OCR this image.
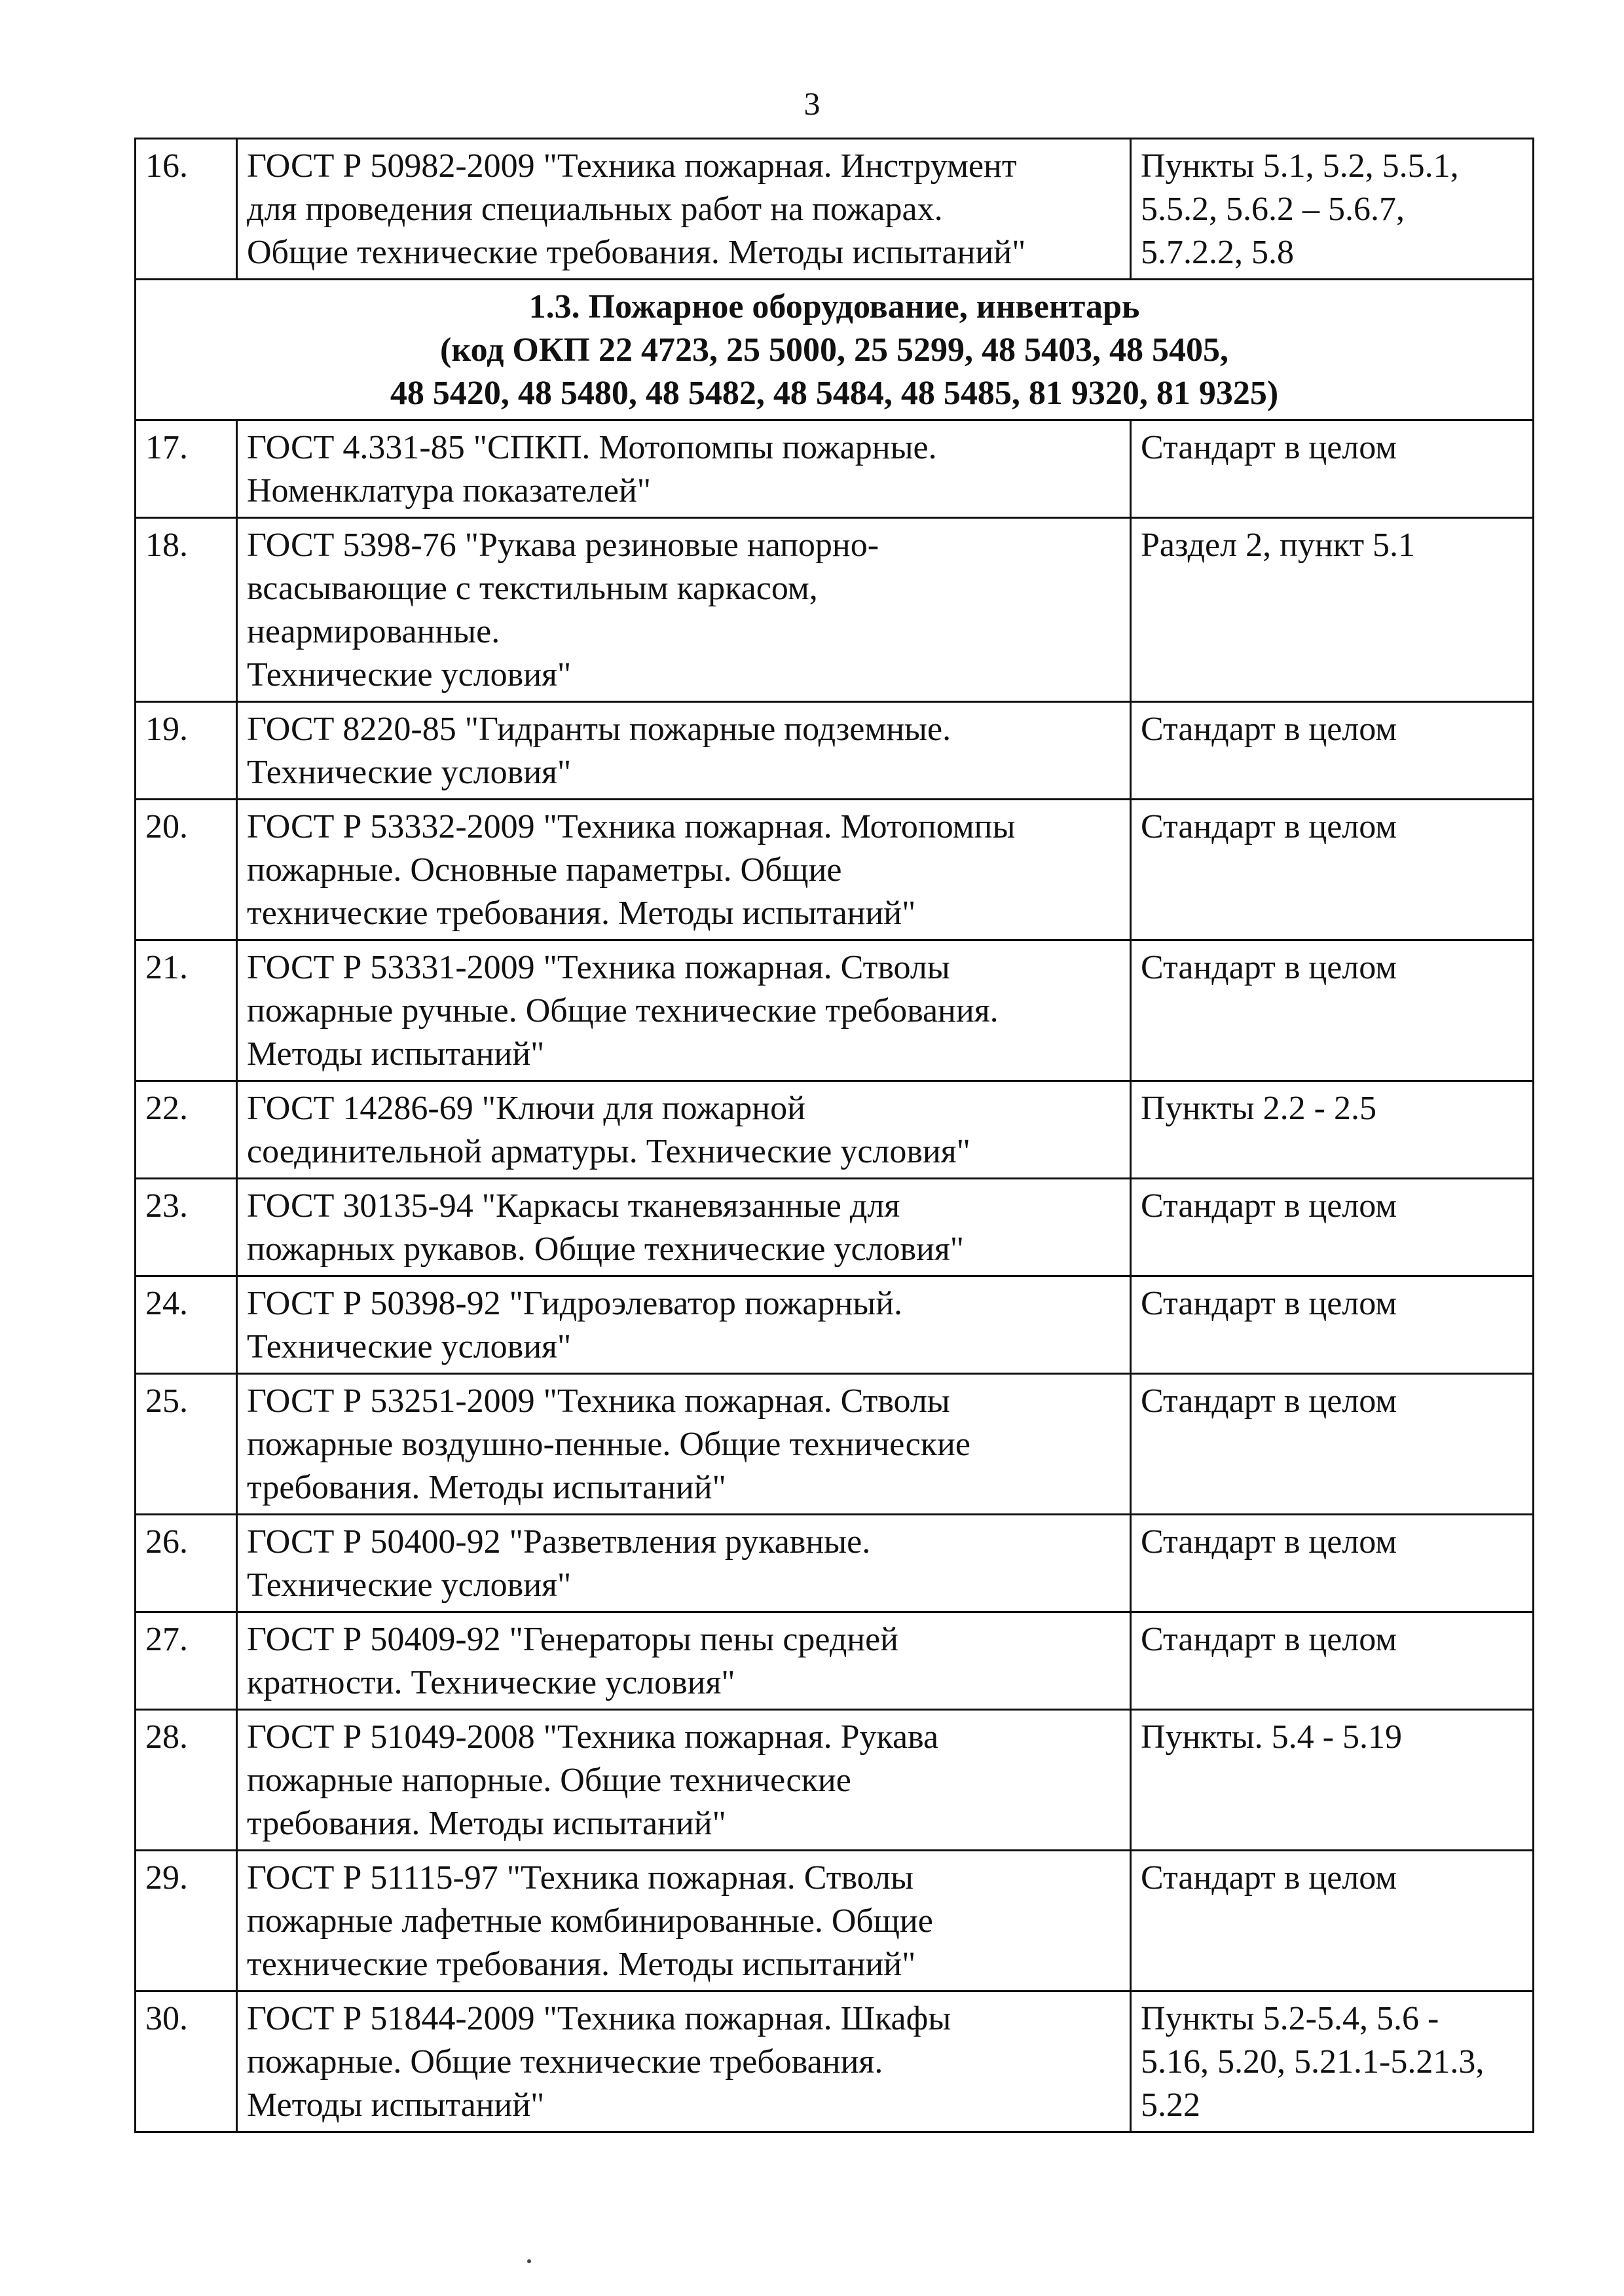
3
16.	ГОСТ Р 50982-2009 "Техника пожарная. Инструмент
для проведения специальных работ на пожарах.
Общие технические требования. Методы испытаний"	Пункты 5.1, 5.2, 5.5.1,
5.5.2, 5.6.2 – 5.6.7,
5.7.2.2, 5.8

1.3. Пожарное оборудование, инвентарь
(код ОКП 22 4723, 25 5000, 25 5299, 48 5403, 48 5405,
48 5420, 48 5480, 48 5482, 48 5484, 48 5485, 81 9320, 81 9325)		

17.	ГОСТ 4.331-85 "СПКП. Мотопомпы пожарные.
Номенклатура показателей"	Стандарт в целом

18.	ГОСТ 5398-76 "Рукава резиновые напорно-
всасывающие с текстильным каркасом,
неармированные.
Технические условия"	Раздел 2, пункт 5.1

19.	ГОСТ 8220-85 "Гидранты пожарные подземные.
Технические условия"	Стандарт в целом

20.	ГОСТ Р 53332-2009 "Техника пожарная. Мотопомпы
пожарные. Основные параметры. Общие
технические требования. Методы испытаний"	Стандарт в целом

21.	ГОСТ Р 53331-2009 "Техника пожарная. Стволы
пожарные ручные. Общие технические требования.
Методы испытаний"	Стандарт в целом

22.	ГОСТ 14286-69 "Ключи для пожарной
соединительной арматуры. Технические условия"	Пункты 2.2 - 2.5

23.	ГОСТ 30135-94 "Каркасы тканевязанные для
пожарных рукавов. Общие технические условия"	Стандарт в целом

24.	ГОСТ Р 50398-92 "Гидроэлеватор пожарный.
Технические условия"	Стандарт в целом

25.	ГОСТ Р 53251-2009 "Техника пожарная. Стволы
пожарные воздушно-пенные. Общие технические
требования. Методы испытаний"	Стандарт в целом

26.	ГОСТ Р 50400-92 "Разветвления рукавные.
Технические условия"	Стандарт в целом

27.	ГОСТ Р 50409-92 "Генераторы пены средней
кратности. Технические условия"	Стандарт в целом

28.	ГОСТ Р 51049-2008 "Техника пожарная. Рукава
пожарные напорные. Общие технические
требования. Методы испытаний"	Пункты. 5.4 - 5.19

29.	ГОСТ Р 51115-97 "Техника пожарная. Стволы
пожарные лафетные комбинированные. Общие
технические требования. Методы испытаний"	Стандарт в целом

30.	ГОСТ Р 51844-2009 "Техника пожарная. Шкафы
пожарные. Общие технические требования.
Методы испытаний"	Пункты 5.2-5.4, 5.6 -
5.16, 5.20, 5.21.1-5.21.3,
5.22
